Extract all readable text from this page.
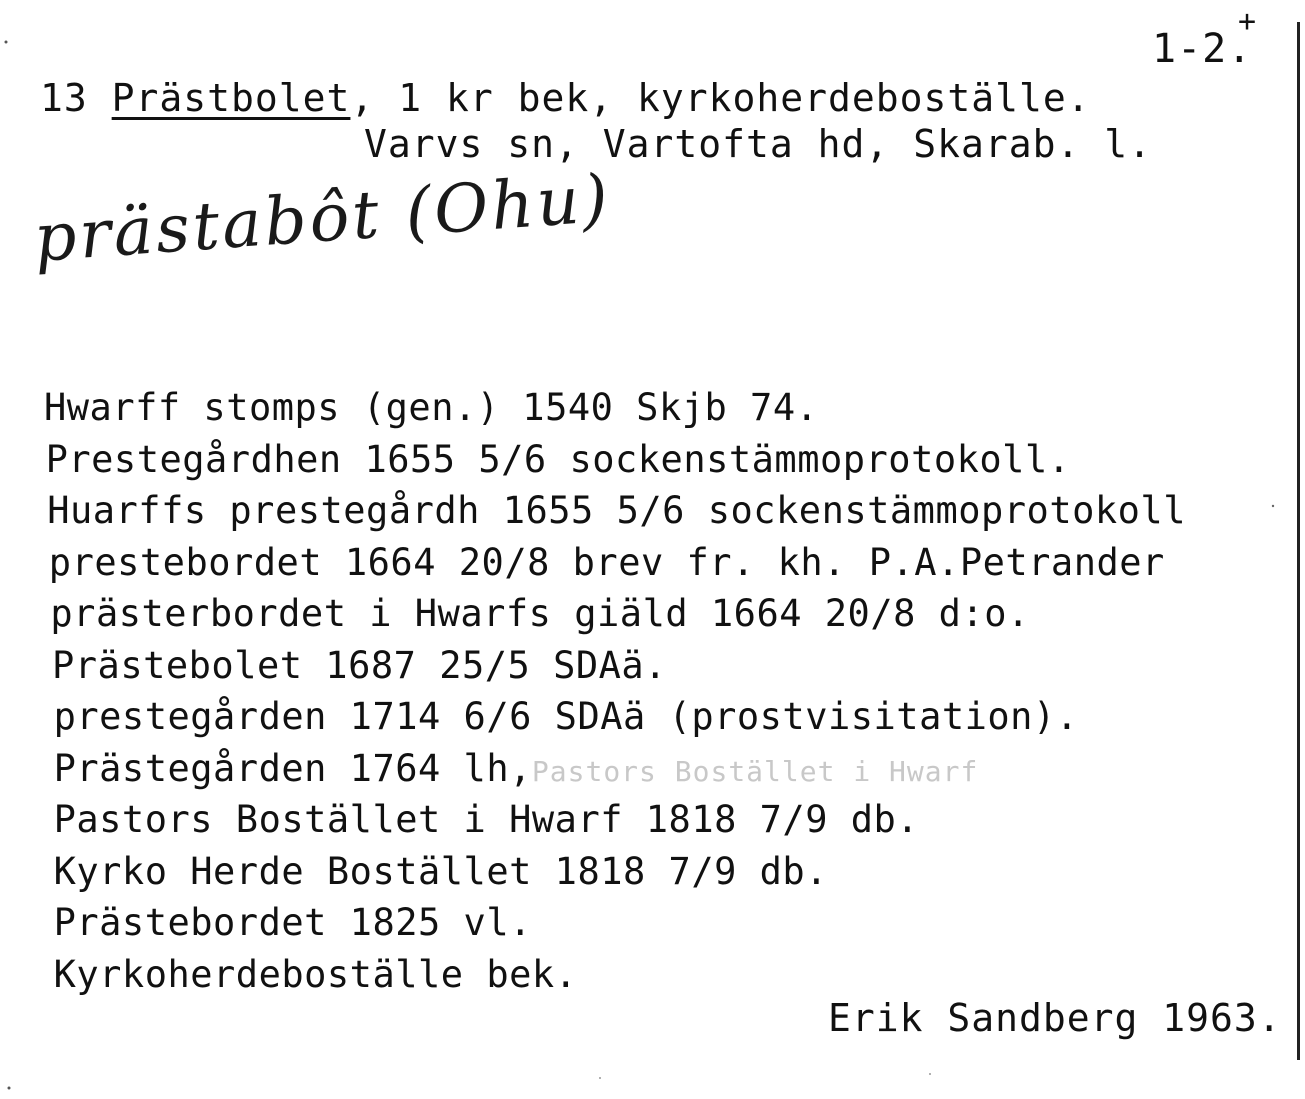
+
1-2.
13 Prästbolet, 1 kr bek, kyrkoherdeboställe.
Varvs sn, Vartofta hd, Skarab. l.
prästabôt (Ohu)
Hwarff stomps (gen.) 1540 Skjb 74.
Prestegårdhen 1655 5/6 sockenstämmoprotokoll.
Huarffs prestegårdh 1655 5/6 sockenstämmoprotokoll
prestebordet 1664 20/8 brev fr. kh. P.A.Petrander
prästerbordet i Hwarfs giäld 1664 20/8 d:o.
Prästebolet 1687 25/5 SDAä.
prestegården 1714 6/6 SDAä (prostvisitation).
Prästegården 1764 lh,Pastors Bostället i Hwarf
Pastors Bostället i Hwarf 1818 7/9 db.
Kyrko Herde Bostället 1818 7/9 db.
Prästebordet 1825 vl.
Kyrkoherdeboställe bek.
Erik Sandberg 1963.
